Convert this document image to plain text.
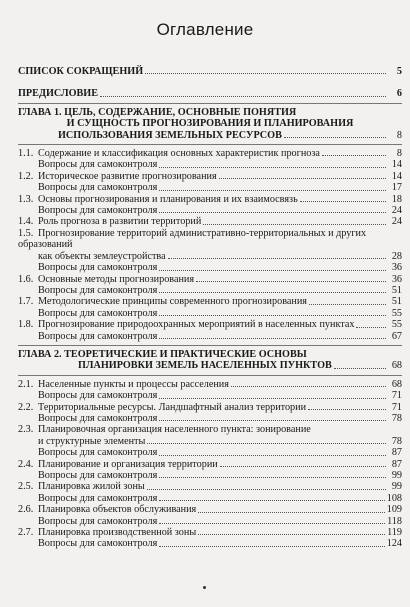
Оглавление
СПИСОК СОКРАЩЕНИЙ	5
ПРЕДИСЛОВИЕ	6
ГЛАВА 1. ЦЕЛЬ, СОДЕРЖАНИЕ, ОСНОВНЫЕ ПОНЯТИЯ
И СУЩНОСТЬ ПРОГНОЗИРОВАНИЯ И ПЛАНИРОВАНИЯ
ИСПОЛЬЗОВАНИЯ ЗЕМЕЛЬНЫХ РЕСУРСОВ	8
1.1. Содержание и классификация основных характеристик прогноза	8
Вопросы для самоконтроля	14
1.2. Историческое развитие прогнозирования	14
Вопросы для самоконтроля	17
1.3. Основы прогнозирования и планирования и их взаимосвязь	18
Вопросы для самоконтроля	24
1.4. Роль прогноза в развитии территорий	24
1.5. Прогнозирование территорий административно-территориальных и других образований
как объекты землеустройства	28
Вопросы для самоконтроля	36
1.6. Основные методы прогнозирования	36
Вопросы для самоконтроля	51
1.7. Методологические принципы современного прогнозирования	51
Вопросы для самоконтроля	55
1.8. Прогнозирование природоохранных мероприятий в населенных пунктах	55
Вопросы для самоконтроля	67
ГЛАВА 2. ТЕОРЕТИЧЕСКИЕ И ПРАКТИЧЕСКИЕ ОСНОВЫ
ПЛАНИРОВКИ ЗЕМЕЛЬ НАСЕЛЕННЫХ ПУНКТОВ	68
2.1. Населенные пункты и процессы расселения	68
Вопросы для самоконтроля	71
2.2. Территориальные ресурсы. Ландшафтный анализ территории	71
Вопросы для самоконтроля	78
2.3. Планировочная организация населенного пункта: зонирование
и структурные элементы	78
Вопросы для самоконтроля	87
2.4. Планирование и организация территории	87
Вопросы для самоконтроля	99
2.5. Планировка жилой зоны	99
Вопросы для самоконтроля	108
2.6. Планировка объектов обслуживания	109
Вопросы для самоконтроля	118
2.7. Планировка производственной зоны	119
Вопросы для самоконтроля	124
